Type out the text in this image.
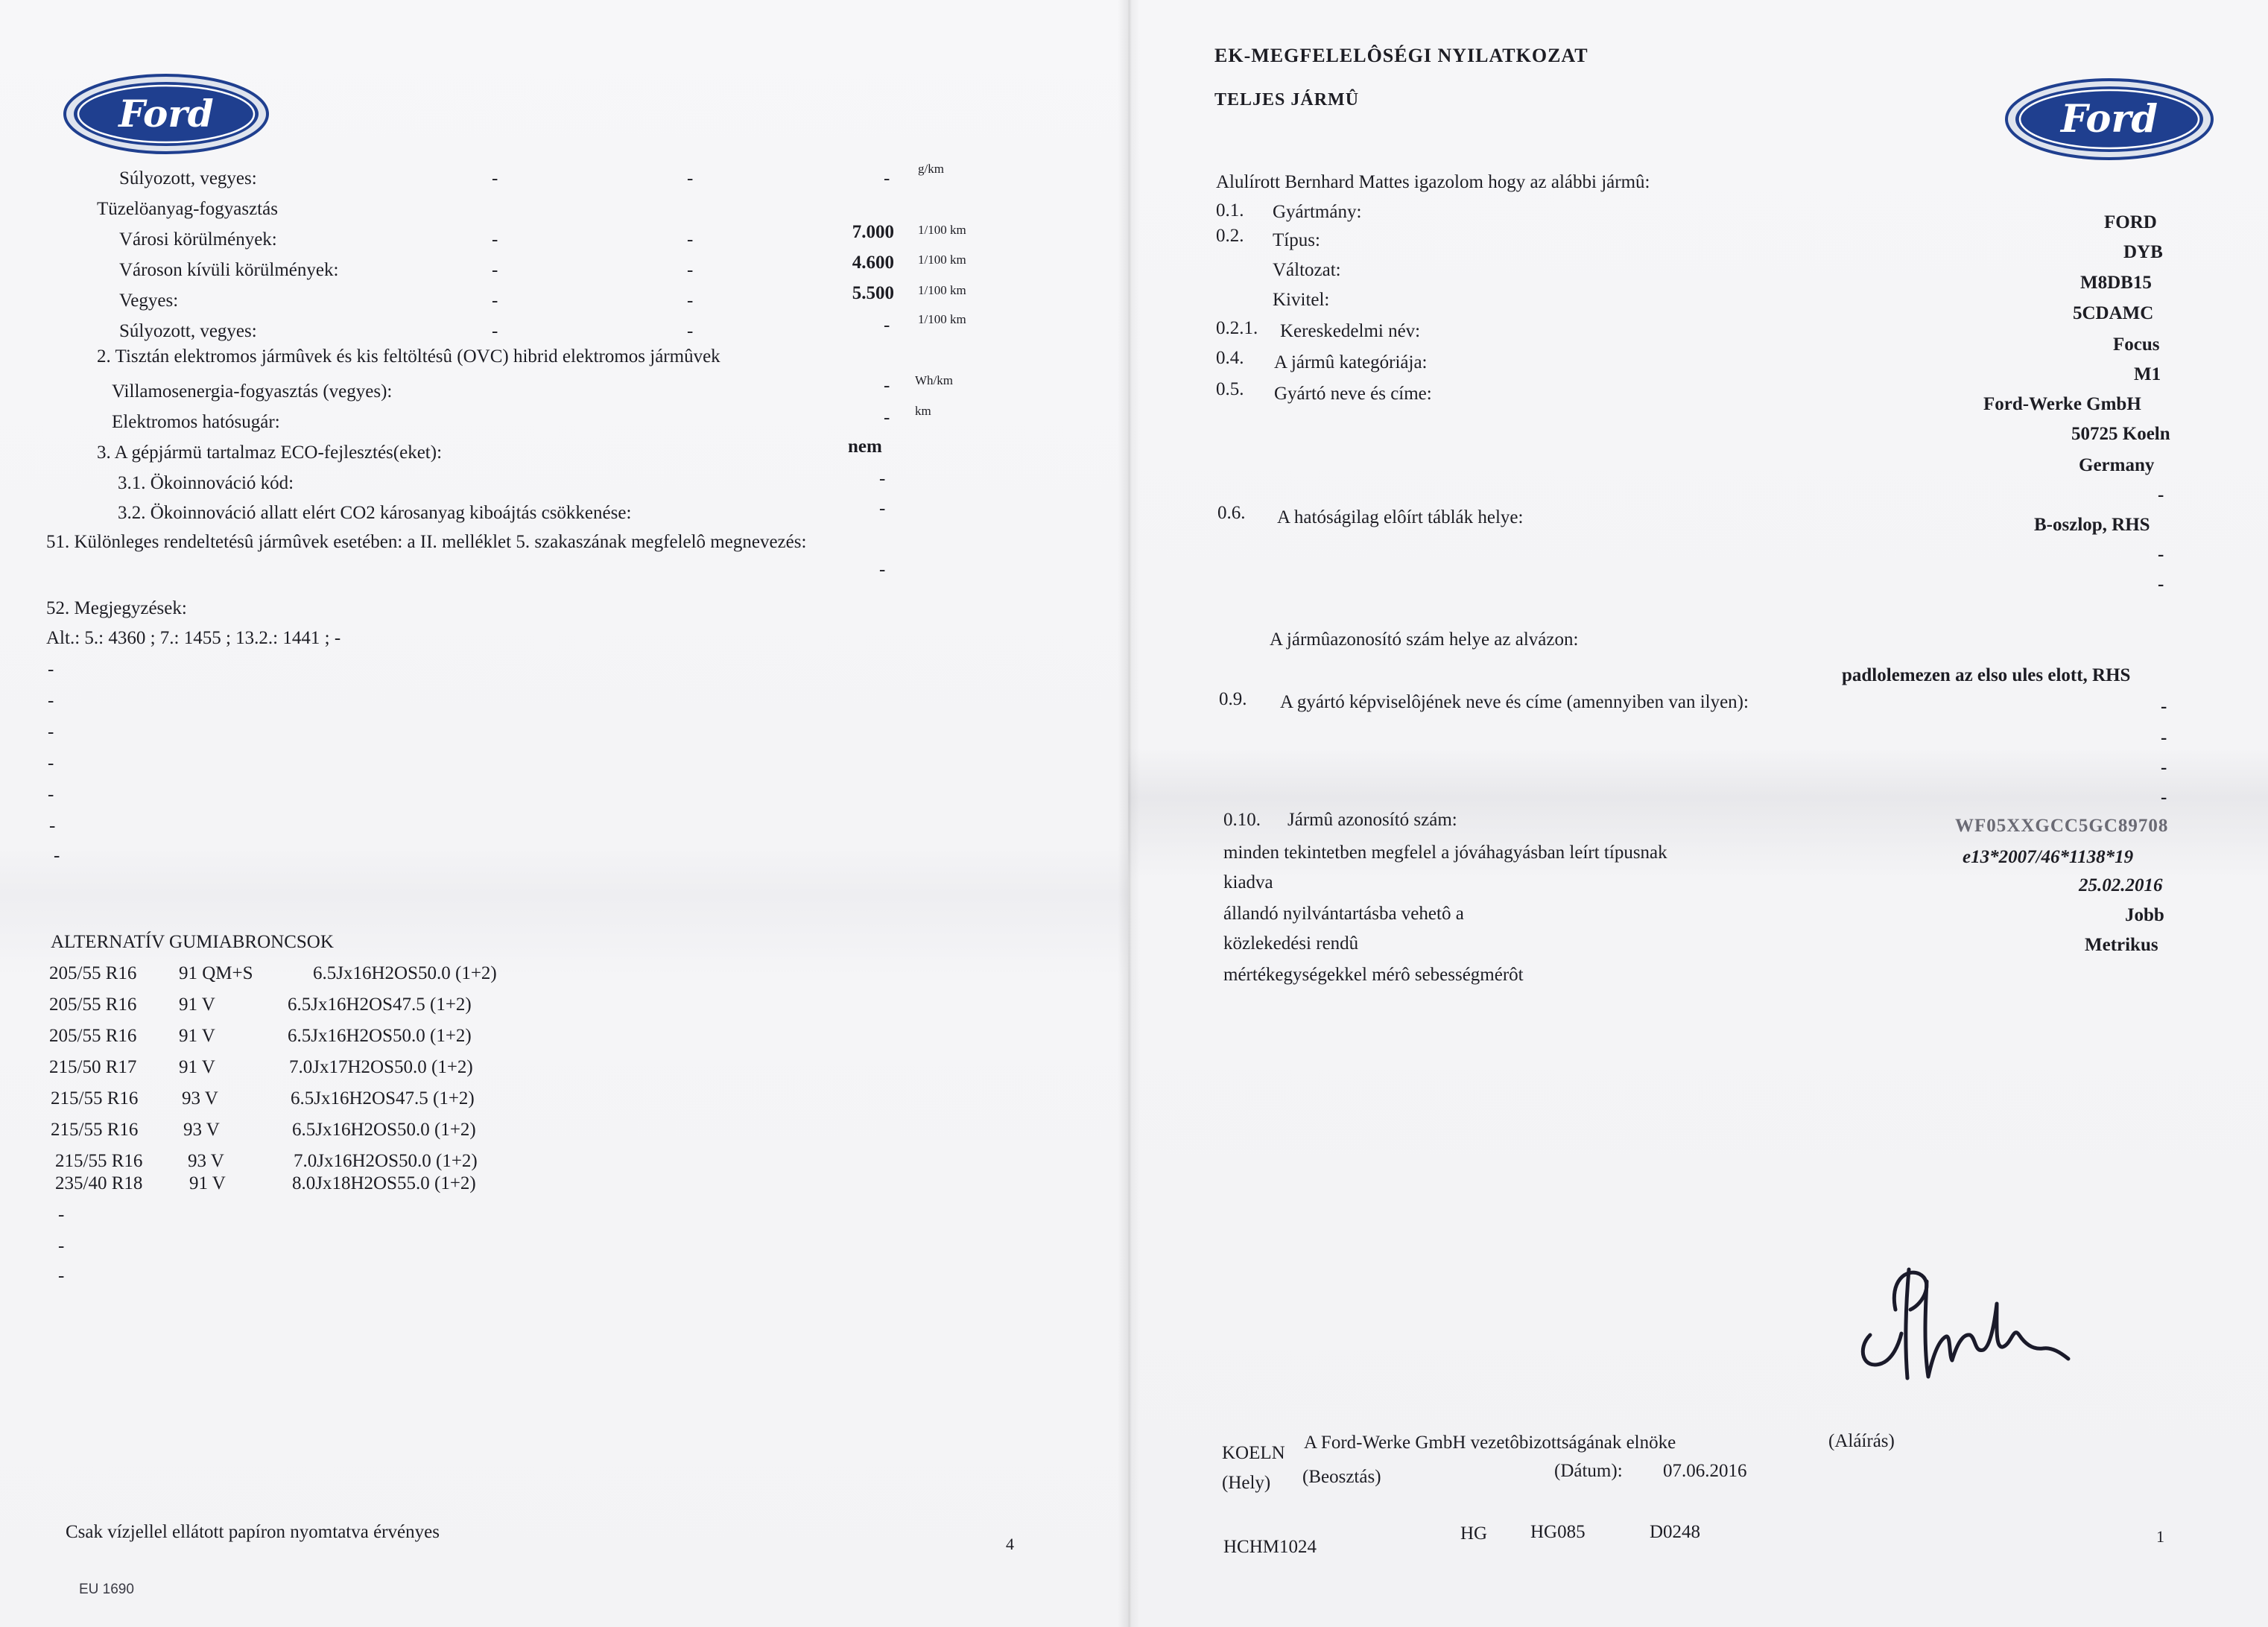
Ford
Súlyozott, vegyes:	-	-	- g/km
Tüzelöanyag-fogyasztás
Városi körülmények:	-	-	7.000 1/100 km
Városon kívüli körülmények:	-	-	4.600 1/100 km
Vegyes:	-	-	5.500 1/100 km
Súlyozott, vegyes:	-	-	- 1/100 km
2. Tisztán elektromos jármûvek és kis feltöltésû (OVC) hibrid elektromos jármûvek
Villamosenergia-fogyasztás (vegyes):	- Wh/km
Elektromos hatósugár:	- km
3. A gépjármü tartalmaz ECO-fejlesztés(eket):	nem
3.1. Ökoinnováció kód:	-
3.2. Ökoinnováció allatt elért CO2 károsanyag kiboájtás csökkenése:	-
51. Különleges rendeltetésû jármûvek esetében: a II. melléklet 5. szakaszának megfelelô megnevezés:
-
52. Megjegyzések:
Alt.: 5.: 4360 ; 7.: 1455 ; 13.2.: 1441 ; -
-
-
-
-
-
-
-
ALTERNATÍV GUMIABRONCSOK
205/55 R16 91 QM+S	6.5Jx16H2OS50.0 (1+2)
205/55 R16 91 V	6.5Jx16H2OS47.5 (1+2)
205/55 R16 91 V	6.5Jx16H2OS50.0 (1+2)
215/50 R17 91 V	7.0Jx17H2OS50.0 (1+2)
215/55 R16 93 V	6.5Jx16H2OS47.5 (1+2)
215/55 R16 93 V	6.5Jx16H2OS50.0 (1+2)
215/55 R16 93 V	7.0Jx16H2OS50.0 (1+2)
235/40 R18	91 V	8.0Jx18H2OS55.0 (1+2)
-
-
-
Csak vízjellel ellátott papíron nyomtatva érvényes
4
EU 1690
EK-MEGFELELÔSÉGI NYILATKOZAT
TELJES JÁRMÛ	Ford
Alulírott Bernhard Mattes igazolom hogy az alábbi jármû:
0.1. Gyártmány:
FORD
0.2. Típus:
DYB
Változat:
M8DB15
Kivitel:
5CDAMC
0.2.1. Kereskedelmi név:
Focus
0.4. A jármû kategóriája:
M1
0.5. Gyártó neve és címe:
Ford-Werke GmbH
50725 Koeln
Germany
-
0.6. A hatóságilag elôírt táblák helye:	B-oszlop, RHS
-
-
A jármûazonosító szám helye az alvázon:
padlolemezen az elso ules elott, RHS
0.9. A gyártó képviselôjének neve és címe (amennyiben van ilyen):	-
-
-
-
0.10. Jármû azonosító szám:	WF05XXGCC5GC89708
minden tekintetben megfelel a jóváhagyásban leírt típusnak	e13*2007/46*1138*19
kiadva	25.02.2016
állandó nyilvántartásba vehetô a	Jobb
közlekedési rendû	Metrikus
mértékegységekkel mérô sebességmérôt
KOELN
A Ford-Werke GmbH vezetôbizottságának elnöke	(Aláírás)
(Hely) (Beosztás)	(Dátum): 07.06.2016
HCHM1024
HG HG085	D0248	1
